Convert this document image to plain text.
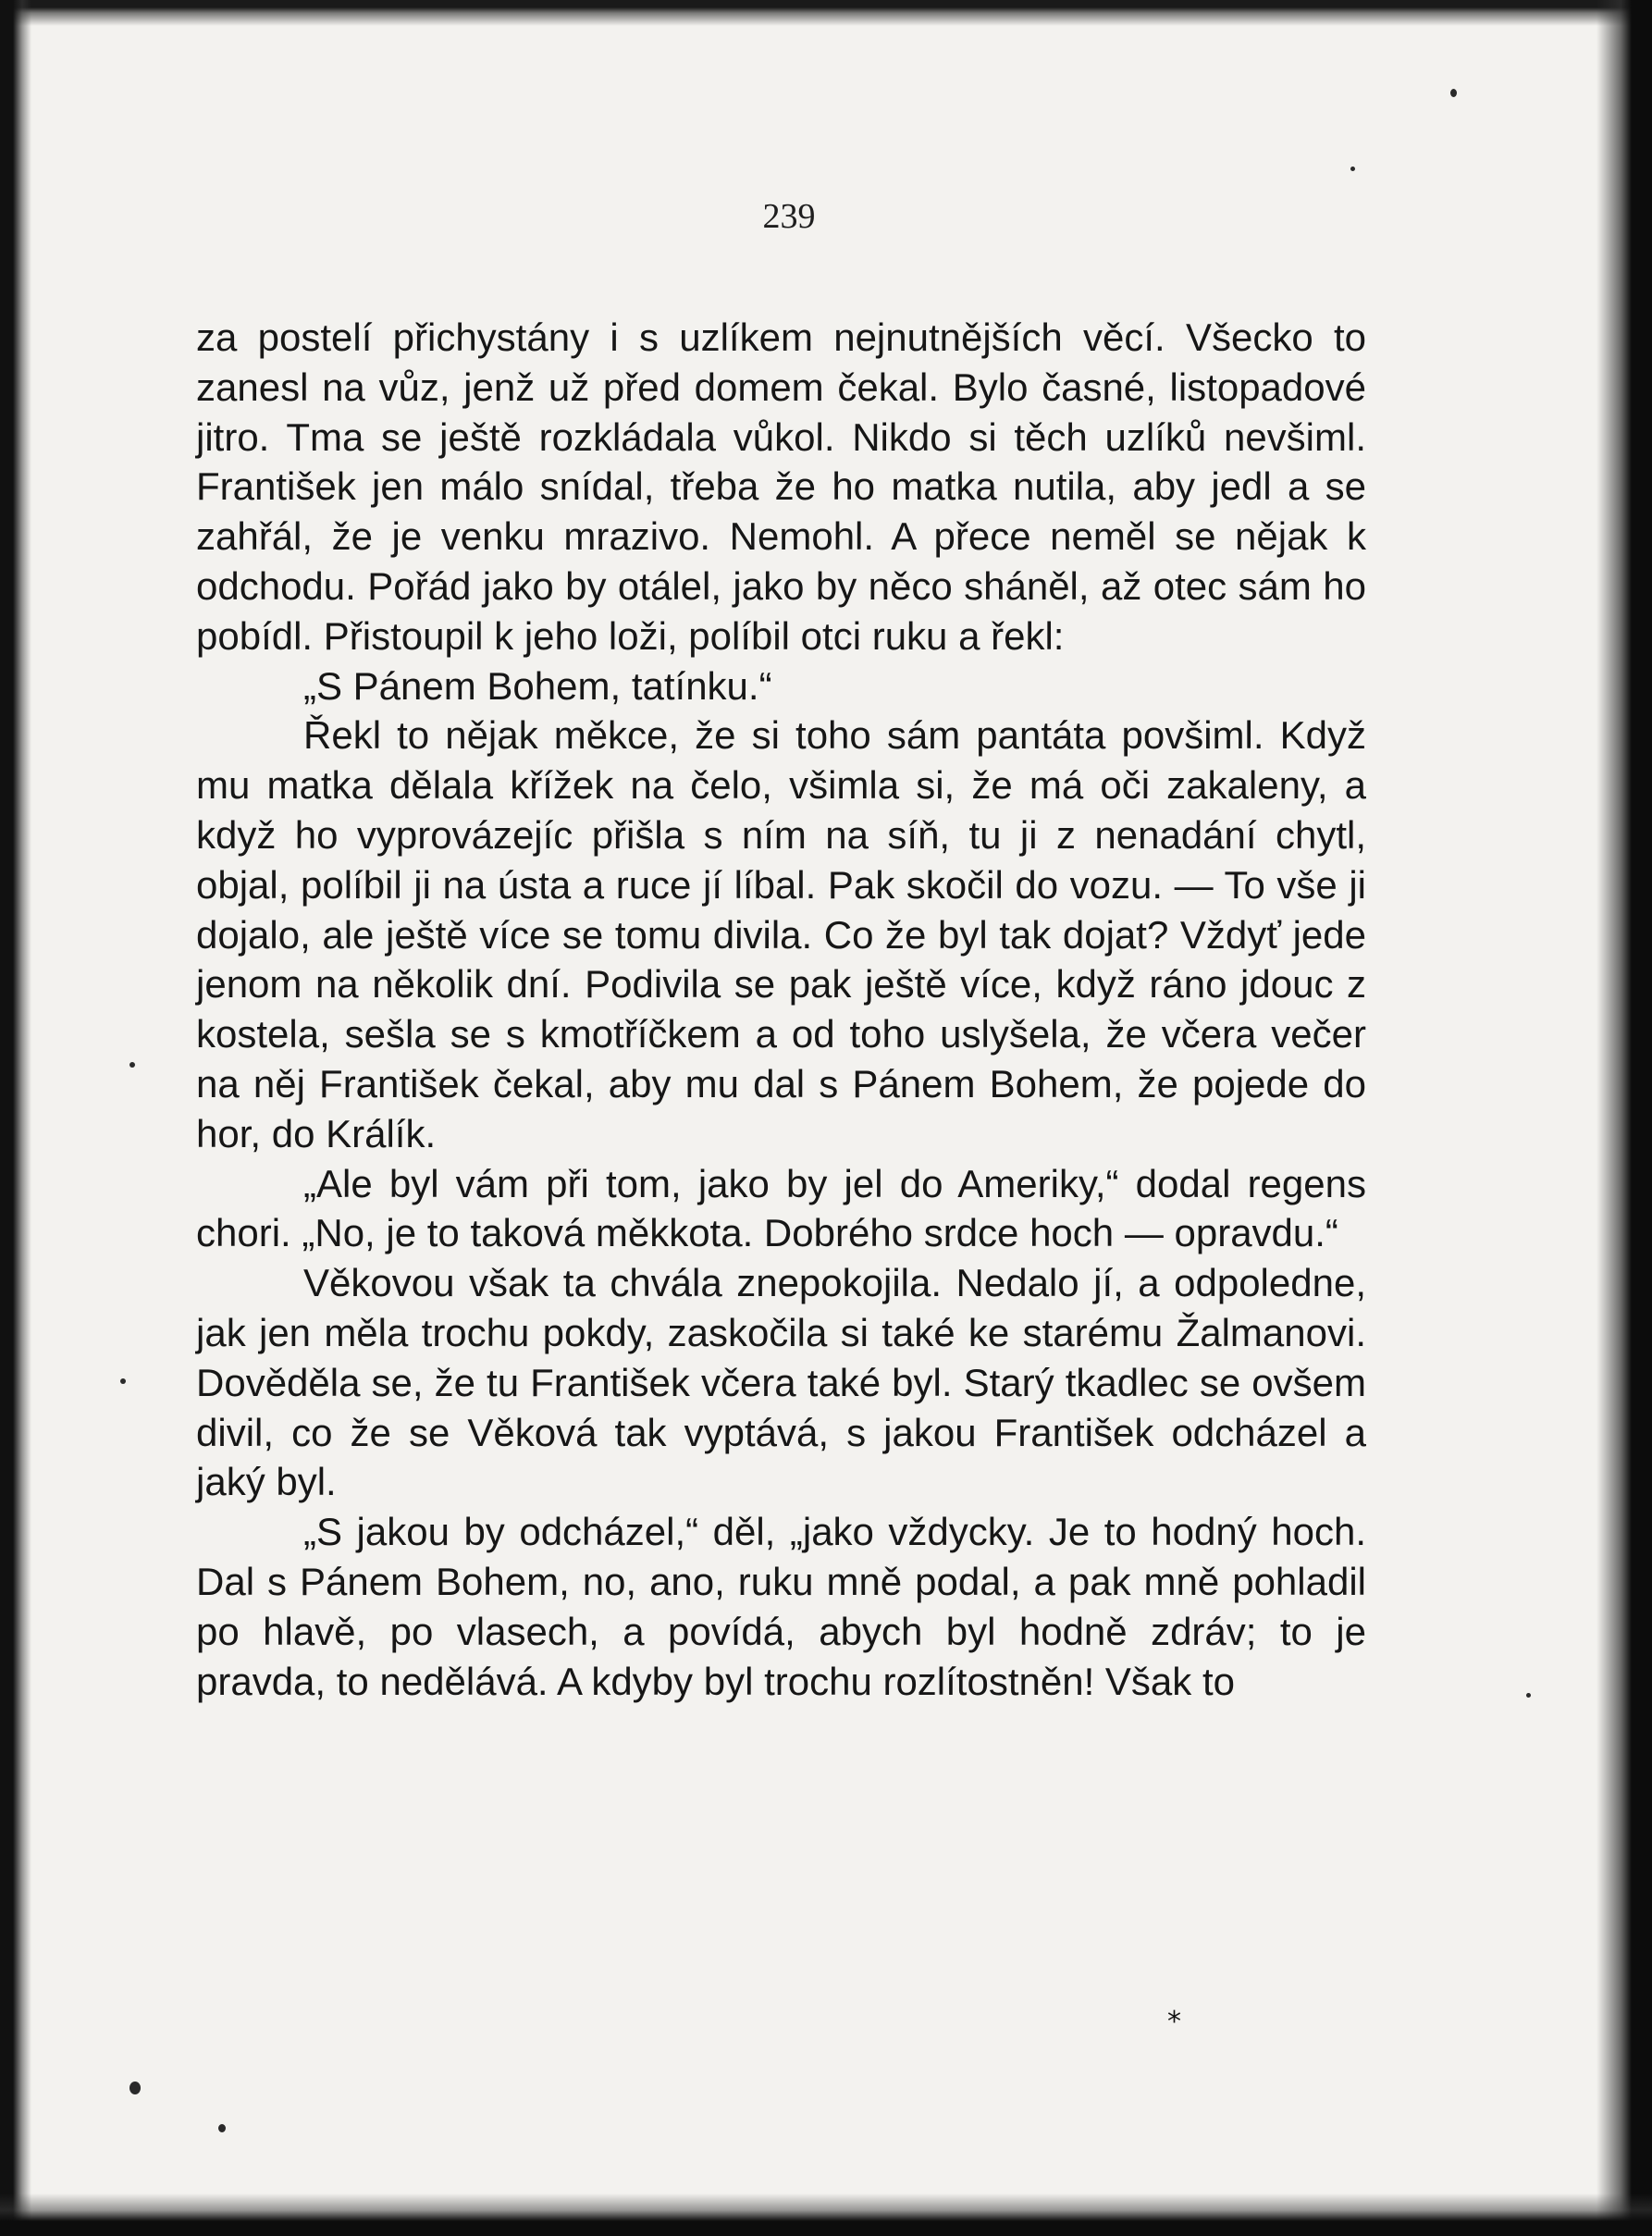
239

za postelí přichystány i s uzlíkem nejnutnějších věcí. Všecko to zanesl na vůz, jenž už před domem čekal. Bylo časné, listopadové jitro. Tma se ještě rozkládala vůkol. Nikdo si těch uzlíků nevšiml. František jen málo snídal, třeba že ho matka nutila, aby jedl a se zahřál, že je venku mrazivo. Nemohl. A přece neměl se nějak k odchodu. Pořád jako by otálel, jako by něco sháněl, až otec sám ho pobídl. Přistoupil k jeho loži, políbil otci ruku a řekl:

„S Pánem Bohem, tatínku.“

Řekl to nějak měkce, že si toho sám pantáta povšiml. Když mu matka dělala křížek na čelo, všimla si, že má oči zakaleny, a když ho vyprovázejíc přišla s ním na síň, tu ji z nenadání chytl, objal, políbil ji na ústa a ruce jí líbal. Pak skočil do vozu. — To vše ji dojalo, ale ještě více se tomu divila. Co že byl tak dojat? Vždyť jede jenom na několik dní. Podivila se pak ještě více, když ráno jdouc z kostela, sešla se s kmotříčkem a od toho uslyšela, že včera večer na něj František čekal, aby mu dal s Pánem Bohem, že pojede do hor, do Králík.

„Ale byl vám při tom, jako by jel do Ameriky,“ dodal regens chori. „No, je to taková měkkota. Dobrého srdce hoch — opravdu.“

Věkovou však ta chvála znepokojila. Nedalo jí, a odpoledne, jak jen měla trochu pokdy, zaskočila si také ke starému Žalmanovi. Dověděla se, že tu František včera také byl. Starý tkadlec se ovšem divil, co že se Věková tak vyptává, s jakou František odcházel a jaký byl.

„S jakou by odcházel,“ děl, „jako vždycky. Je to hodný hoch. Dal s Pánem Bohem, no, ano, ruku mně podal, a pak mně pohladil po hlavě, po vlasech, a povídá, abych byl hodně zdráv; to je pravda, to nedělává. A kdyby byl trochu rozlítostněn! Však to

*
